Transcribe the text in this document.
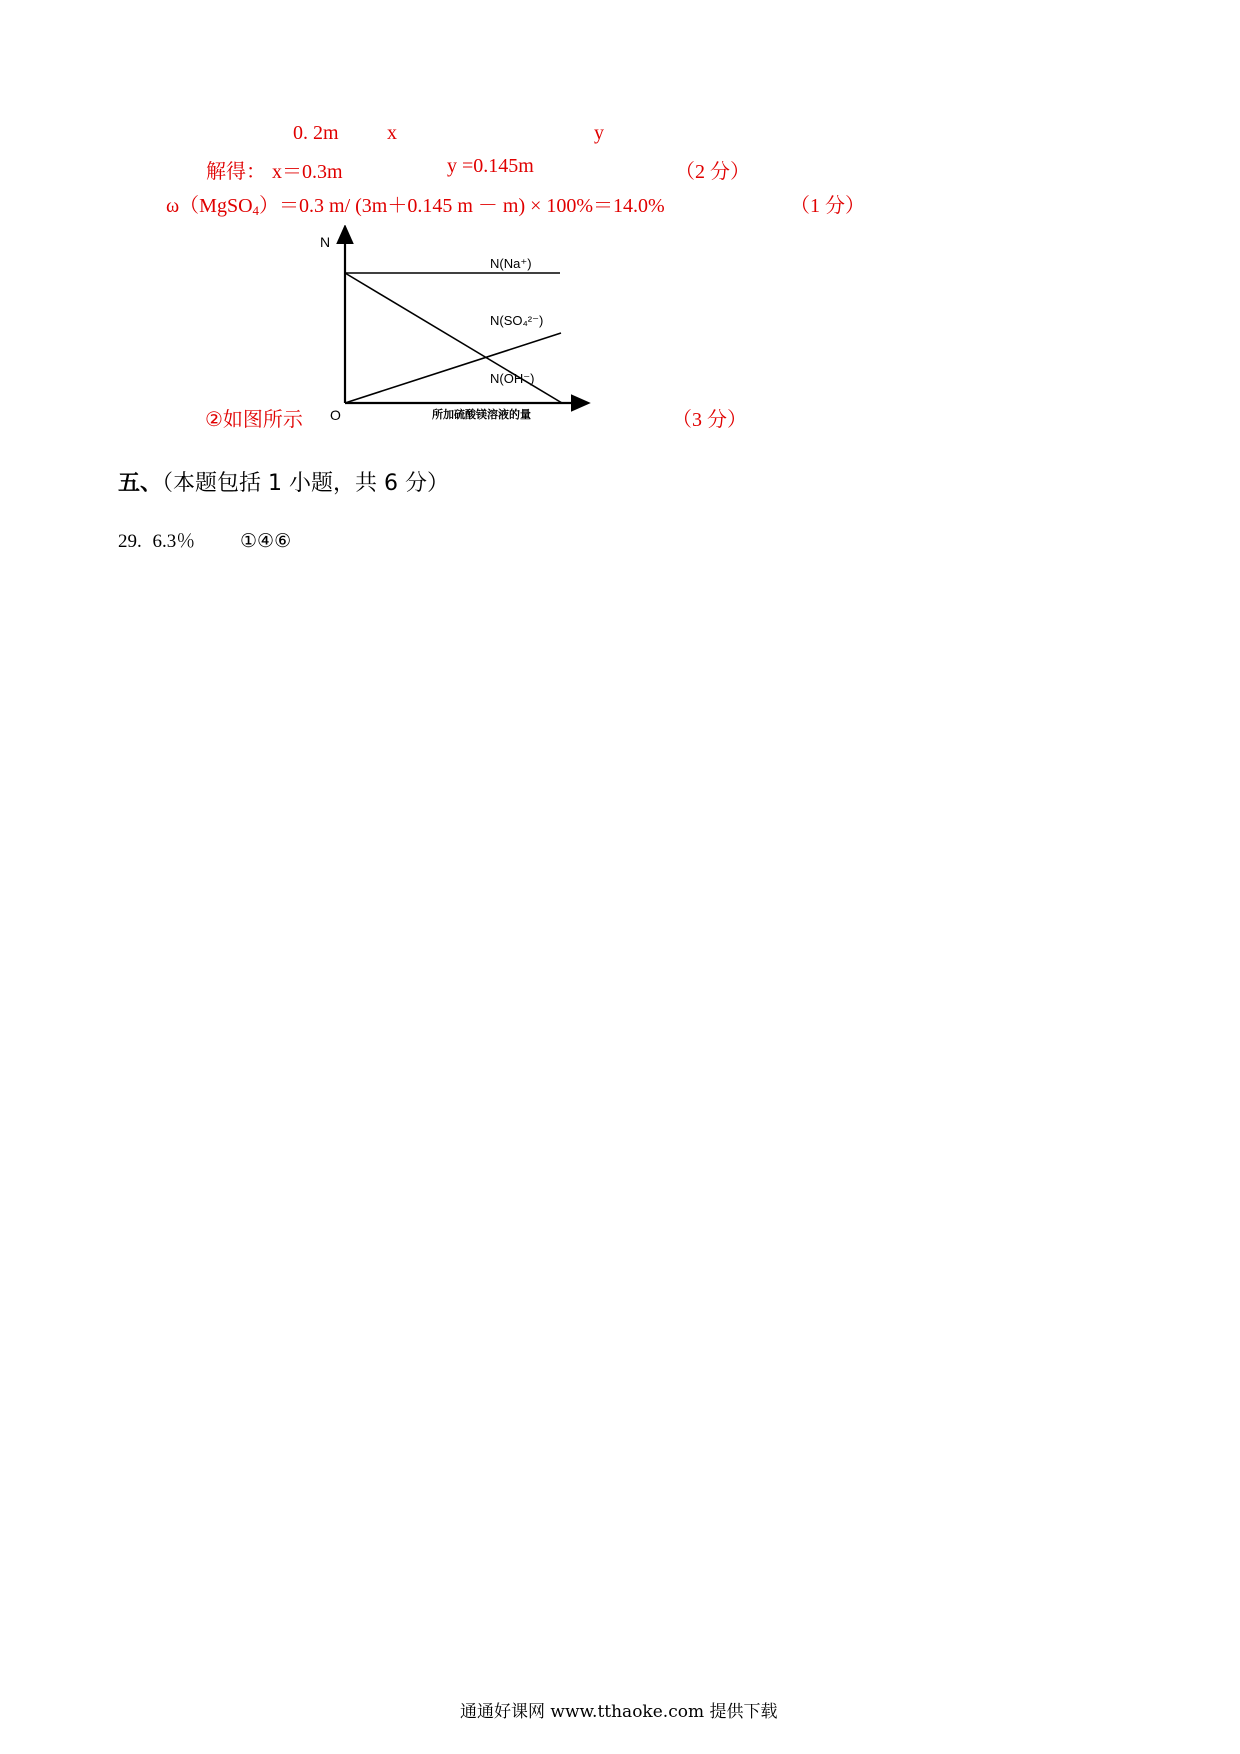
0. 2m x	y
解得： x＝0.3m	y =0.145m	（2 分）
ω（MgSO$_4$）＝0.3 m/ (3m＋0.145 m － m) × 100%＝14.0%	（1 分）
N
O	所加硫酸镁溶液的量
N(Na⁺)
N(SO₄²⁻)
N(OH⁻)
②如图所示	（3 分）
五、（本题包括 1 小题，共 6 分）
29. 6.3％ ①④⑥
通通好课网 www.tthaoke.com 提供下载
